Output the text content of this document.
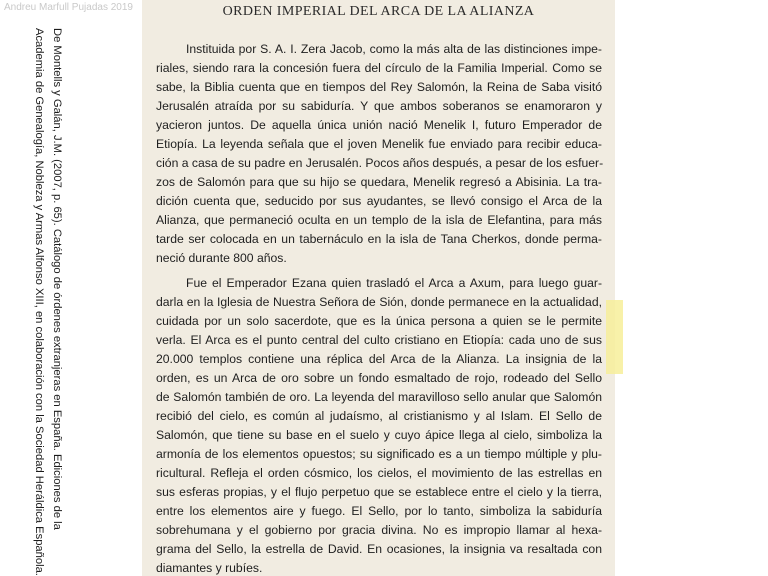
Andreu Marfull Pujadas 2019
De Montells y Galán, J.M. (2007, p. 65). Catálogo de órdenes extranjeras en España. Ediciones de la
Academia de Genealogía, Nobleza y Armas Alfonso XIII, en colaboración con la Sociedad Heráldica Española.
ORDEN IMPERIAL DEL ARCA DE LA ALIANZA
Instituida por S. A. I. Zera Jacob, como la más alta de las distinciones impe-
riales, siendo rara la concesión fuera del círculo de la Familia Imperial. Como se
sabe, la Biblia cuenta que en tiempos del Rey Salomón, la Reina de Saba visitó
Jerusalén atraída por su sabiduría. Y que ambos soberanos se enamoraron y
yacieron juntos. De aquella única unión nació Menelik I, futuro Emperador de
Etiopía. La leyenda señala que el joven Menelik fue enviado para recibir educa-
ción a casa de su padre en Jerusalén. Pocos años después, a pesar de los esfuer-
zos de Salomón para que su hijo se quedara, Menelik regresó a Abisinia. La tra-
dición cuenta que, seducido por sus ayudantes, se llevó consigo el Arca de la
Alianza, que permaneció oculta en un templo de la isla de Elefantina, para más
tarde ser colocada en un tabernáculo en la isla de Tana Cherkos, donde perma-
neció durante 800 años.
Fue el Emperador Ezana quien trasladó el Arca a Axum, para luego guar-
darla en la Iglesia de Nuestra Señora de Sión, donde permanece en la actualidad,
cuidada por un solo sacerdote, que es la única persona a quien se le permite
verla. El Arca es el punto central del culto cristiano en Etiopía: cada uno de sus
20.000 templos contiene una réplica del Arca de la Alianza. La insignia de la
orden, es un Arca de oro sobre un fondo esmaltado de rojo, rodeado del Sello
de Salomón también de oro. La leyenda del maravilloso sello anular que Salomón
recibió del cielo, es común al judaísmo, al cristianismo y al Islam. El Sello de
Salomón, que tiene su base en el suelo y cuyo ápice llega al cielo, simboliza la
armonía de los elementos opuestos; su significado es a un tiempo múltiple y plu-
ricultural. Refleja el orden cósmico, los cielos, el movimiento de las estrellas en
sus esferas propias, y el flujo perpetuo que se establece entre el cielo y la tierra,
entre los elementos aire y fuego. El Sello, por lo tanto, simboliza la sabiduría
sobrehumana y el gobierno por gracia divina. No es impropio llamar al hexa-
grama del Sello, la estrella de David. En ocasiones, la insignia va resaltada con
diamantes y rubíes.
